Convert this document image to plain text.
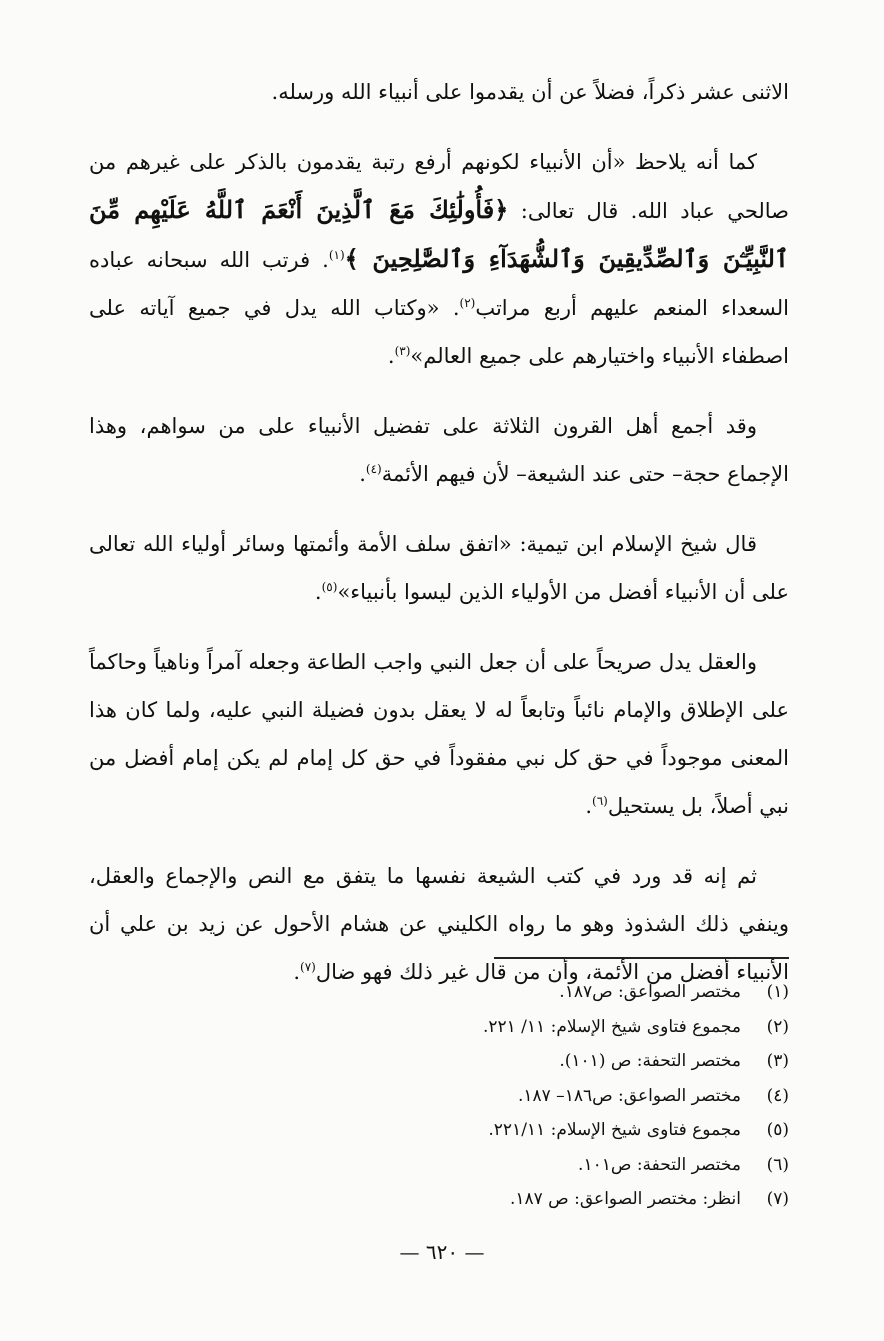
الاثنى عشر ذكراً، فضلاً عن أن يقدموا على أنبياء الله ورسله.

كما أنه يلاحظ «أن الأنبياء لكونهم أرفع رتبة يقدمون بالذكر على غيرهم من صالحي عباد الله. قال تعالى: ﴿فَأُولَٰئِكَ مَعَ ٱلَّذِينَ أَنْعَمَ ٱللَّهُ عَلَيْهِم مِّنَ ٱلنَّبِيِّـۧنَ وَٱلصِّدِّيقِينَ وَٱلشُّهَدَآءِ وَٱلصَّٰلِحِينَ ﴾$^{(١)}$. فرتب الله سبحانه عباده السعداء المنعم عليهم أربع مراتب$^{(٢)}$. «وكتاب الله يدل في جميع آياته على اصطفاء الأنبياء واختيارهم على جميع العالم»$^{(٣)}$.

وقد أجمع أهل القرون الثلاثة على تفضيل الأنبياء على من سواهم، وهذا الإجماع حجة– حتى عند الشيعة– لأن فيهم الأئمة$^{(٤)}$.

قال شيخ الإسلام ابن تيمية: «اتفق سلف الأمة وأئمتها وسائر أولياء الله تعالى على أن الأنبياء أفضل من الأولياء الذين ليسوا بأنبياء»$^{(٥)}$.

والعقل يدل صريحاً على أن جعل النبي واجب الطاعة وجعله آمراً وناهياً وحاكماً على الإطلاق والإمام نائباً وتابعاً له لا يعقل بدون فضيلة النبي عليه، ولما كان هذا المعنى موجوداً في حق كل نبي مفقوداً في حق كل إمام لم يكن إمام أفضل من نبي أصلاً، بل يستحيل$^{(٦)}$.

ثم إنه قد ورد في كتب الشيعة نفسها ما يتفق مع النص والإجماع والعقل، وينفي ذلك الشذوذ وهو ما رواه الكليني عن هشام الأحول عن زيد بن علي أن الأنبياء أفضل من الأئمة، وأن من قال غير ذلك فهو ضال$^{(٧)}$.

(١)
مختصر الصواعق: ص١٨٧.
(٢)
مجموع فتاوى شيخ الإسلام: ١١/ ٢٢١.
(٣)
مختصر التحفة: ص (١٠١).
(٤)
مختصر الصواعق: ص١٨٦– ١٨٧.
(٥)
مجموع فتاوى شيخ الإسلام: ٢٢١/١١.
(٦)
مختصر التحفة: ص١٠١.
(٧)
انظر: مختصر الصواعق: ص ١٨٧.
— ٦٢٠ —
